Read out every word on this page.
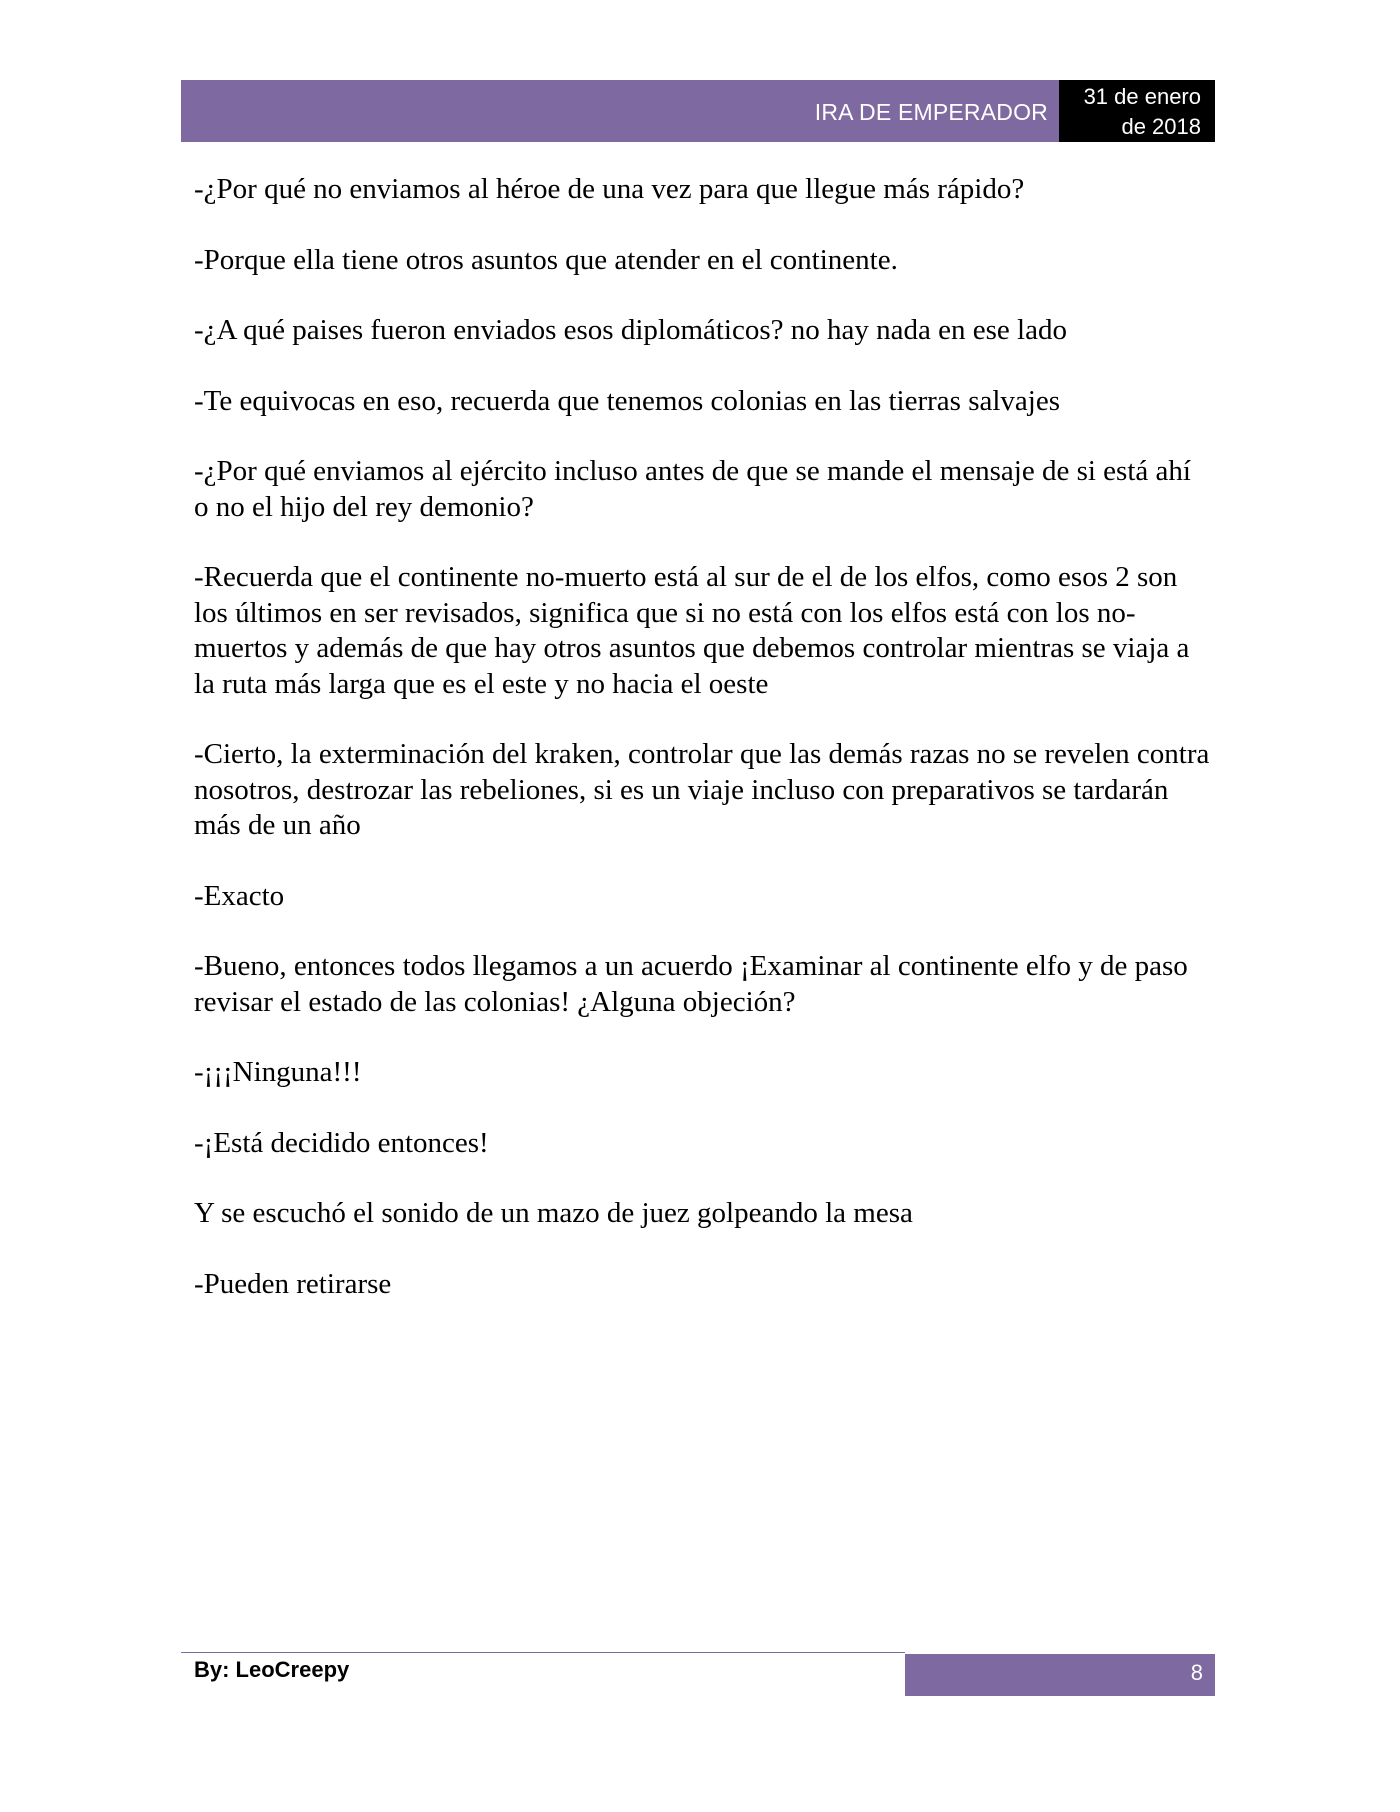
IRA DE EMPERADOR
31 de enero
de 2018

-¿Por qué no enviamos al héroe de una vez para que llegue más rápido?

-Porque ella tiene otros asuntos que atender en el continente.

-¿A qué paises fueron enviados esos diplomáticos? no hay nada en ese lado

-Te equivocas en eso, recuerda que tenemos colonias en las tierras salvajes

-¿Por qué enviamos al ejército incluso antes de que se mande el mensaje de si está ahí o no el hijo del rey demonio?

-Recuerda que el continente no-muerto está al sur de el de los elfos, como esos 2 son los últimos en ser revisados, significa que si no está con los elfos está con los no-muertos y además de que hay otros asuntos que debemos controlar mientras se viaja a la ruta más larga que es el este y no hacia el oeste

-Cierto, la exterminación del kraken, controlar que las demás razas no se revelen contra nosotros, destrozar las rebeliones, si es un viaje incluso con preparativos se tardarán más de un año

-Exacto

-Bueno, entonces todos llegamos a un acuerdo ¡Examinar al continente elfo y de paso revisar el estado de las colonias! ¿Alguna objeción?

-¡¡¡Ninguna!!!

-¡Está decidido entonces!

Y se escuchó el sonido de un mazo de juez golpeando la mesa

-Pueden retirarse

By: LeoCreepy	8
